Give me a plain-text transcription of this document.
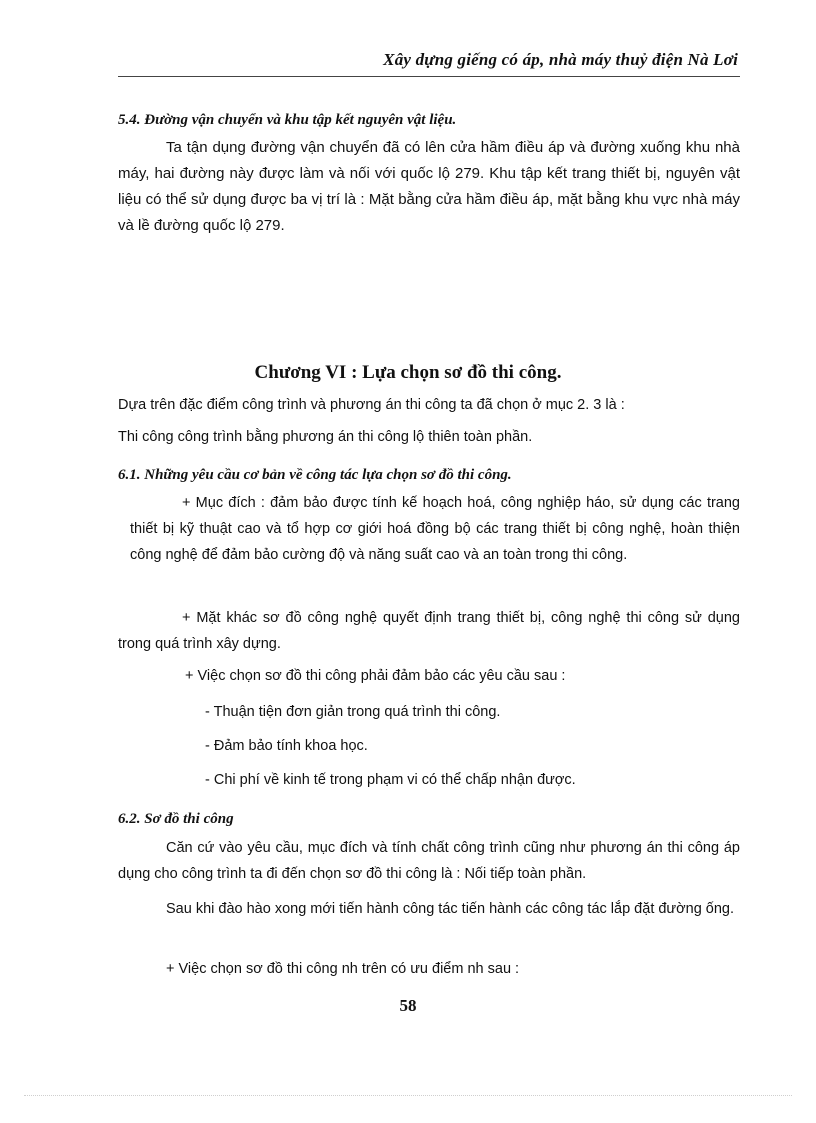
Xây dựng giếng có áp, nhà máy thuỷ điện Nà Lơi
5.4. Đường vận chuyển và khu tập kết nguyên vật liệu.
Ta tận dụng đường vận chuyển đã có lên cửa hầm điều áp và đường xuống khu nhà máy, hai đường này được làm và nối với quốc lộ 279. Khu tập kết trang thiết bị, nguyên vật liệu có thể sử dụng được ba vị trí là : Mặt bằng cửa hầm điều áp, mặt bằng khu vực nhà máy và lề đường quốc lộ 279.
Chương VI : Lựa chọn sơ đồ thi công.
Dựa trên đặc điểm công trình và phương án thi công ta đã chọn ở mục 2. 3 là :
Thi công công trình bằng phương án thi công lộ thiên toàn phần.
6.1. Những yêu cầu cơ bản về công tác lựa chọn sơ đồ thi công.
+ Mục đích : đảm bảo được tính kế hoạch hoá, công nghiệp háo, sử dụng các trang thiết bị kỹ thuật cao và tổ hợp cơ giới hoá đồng bộ các trang thiết bị công nghệ, hoàn thiện công nghệ để đảm bảo cường độ và năng suất cao và an toàn trong thi công.
+ Mặt khác sơ đồ công nghệ quyết định trang thiết bị, công nghệ thi công sử dụng trong quá trình xây dựng.
+ Việc chọn sơ đồ thi công phải đảm bảo các yêu cầu sau :
- Thuận tiện đơn giản trong quá trình thi công.
- Đảm bảo tính khoa học.
- Chi phí về kinh tế trong phạm vi có thể chấp nhận được.
6.2. Sơ đồ thi công
Căn cứ vào yêu cầu, mục đích và tính chất công trình cũng như phương án thi công áp dụng cho công trình ta đi đến chọn sơ đồ thi công là : Nối tiếp toàn phần.
Sau khi đào hào xong mới tiến hành công tác tiến hành các công tác lắp đặt đường ống.
+ Việc chọn sơ đồ thi công nh trên có ưu điểm nh sau :
58
